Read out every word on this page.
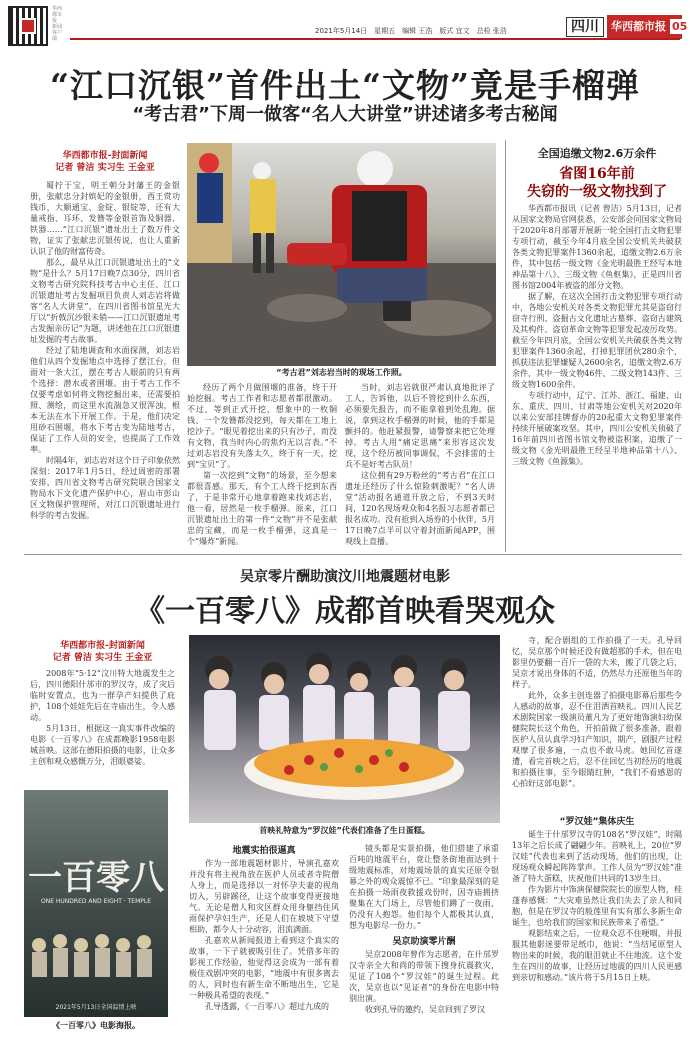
华西都市报 新闻客户端
2021年5月14日　星期五　编辑 王浩　版式 宜文　总检 张浩	四川	华西都市报 05
“江口沉银”首件出土“文物”竟是手榴弹
“考古君”下周一做客“名人大讲堂”讲述诸多考古秘闻
华西都市报-封面新闻
记者 曾洁 实习生 王金亚

蜀拧于宝，明王朝分封藩王的金银册，张献忠分封嫔妃的金银册，西王赏功钱币，大顺通宝、金锭、银锭等，还有大量戒指、耳环、发簪等金银首饰及铜器、铁器……“江口沉银”遗址出土了数万件文物，证实了张献忠沉银传说，也让人重新认识了他的财富传奇。

那么，最早从江口沉银遗址出土的“文物”是什么？5月17日晚7点30分，四川省文物考古研究院科技考古中心主任、江口沉银遗址考古发掘项目负责人刘志岩将做客“名人大讲堂”，在四川省图书馆星光大厅以“折戟沉沙银未销——江口沉银遗址考古发掘亲历记”为题，讲述他在江口沉银遗址发掘的考古故事。

经过了陆地调查和水面探测，刘志岩他们从四个发掘地点中选择了摆江台，但面对一条大江，摆在考古人眼前的只有两个选择：潜水或者围堰。由于考古工作不仅要考虑如何将文物挖掘出来，还需要拍照、测绘，而这里水流湍急又很浑浊，根本无法在水下开展工作。于是，他们决定用砂石围堰，将水下考古变为陆地考古，保证了工作人员的安全，也提高了工作效率。

时隔4年，刘志岩对这个日子印象依然深刻：2017年1月5日，经过周密的部署安排，四川省文物考古研究院联合国家文物局水下文化遗产保护中心，眉山市彭山区文物保护管理所，对江口沉银遗址进行科学的考古发掘。

“考古君”刘志岩当时的现场工作照。

经历了两个月做围堰的准备，终于开始挖掘。考古工作者和志愿者都很激动。不过，等到正式开挖，想象中的一枚铜钱、一个发簪都没挖到，每天都在工地上挖沙子。“眼见着挖出来的只有沙子，而没有文物，我当时内心的焦灼无以言表。”不过刘志岩没有失落太久，终于有一天，挖到“宝贝”了。

第一次挖到“文物”的场景，至今想来都很喜感。那天，有个工人终于挖到东西了，于是非常开心地拿着跑来找刘志岩，他一看，居然是一枚手榴弹。原来，江口沉银遗址出土的第一件“文物”并不是张献忠的宝藏，而是一枚手榴弹，这真是一个“爆炸”新闻。

当时，刘志岩就很严肃认真地批评了工人，告诉他，以后不管挖到什么东西，必须要先报告，而不能拿着到处乱跑。据说，拿到这枚手榴弹的时候，他的手都是颤抖的。他赶紧报警，请警察来把它处理掉。考古人用“痛定思痛”来形容这次发现，这个经历被同事调侃，不会排雷的士兵不是好考古队员！

这位拥有29万粉丝的“考古君”在江口遗址还经历了什么惊险刺激呢？“名人讲堂”活动报名通道开放之后，不到3天时间，120名现场观众和4名报习志愿者都已报名成功。没有抢到入场券的小伙伴，5月17日晚7点半可以守着封面新闻APP，围观线上直播。

全国追缴文物2.6万余件
省图16年前
失窃的一级文物找到了

华西都市报讯（记者 曾洁）5月13日，记者从国家文物局官网获悉，公安部会同国家文物局于2020年8月部署开展新一轮全国打击文物犯罪专项行动，截至今年4月底全国公安机关共破获各类文物犯罪案件1360余起，追缴文物2.6万余件，其中包括一级文物《金光明最胜王经写本地神品第十八》、三级文物《鱼枢集》，正是四川省图书馆2004年被盗的部分文物。

据了解，在这次全国打击文物犯罪专项行动中，各地公安机关对各类文物犯罪尤其是盗窃行窃寺行刑、盗掘古文化遗址古墓葬、盗窃古建筑及其构件、盗窃革命文物等犯罪发起凌厉攻势。截至今年四月底，全国公安机关共破获各类文物犯罪案件1360余起，打掉犯罪团伙280余个，抓获违法犯罪嫌疑人2600余名，追缴文物2.6万余件，其中一级文物46件、二级文物143件、三级文物1600余件。

专项行动中，辽宁、江苏、浙江、福建、山东、重庆、四川、甘肃等地公安机关对2020年以来公安部挂牌督办的20起重大文物犯罪案件持续开展破案攻坚。其中，四川公安机关侦破了16年前四川省图书馆文物被盗积案，追缴了一级文物《金光明最胜王经呈半地神品第十八》、三级文物《鱼源集》。

吴京零片酬助演汶川地震题材电影
《一百零八》成都首映看哭观众
华西都市报-封面新闻
记者 曾洁 实习生 王金亚

2008年“5·12”汶川特大地震发生之后，四川德阳什邡市的罗汉寺，成了灾后临时安置点，也为一群孕产妇提供了庇护，108个娃娃先后在寺庙出生，令人感动。

5月13日，根据这一真实事件改编的电影《一百零八》在成都晚影1958电影城首映。这部在德阳拍摄的电影，让众多主创和观众感慨万分，泪眼婆娑。

一百零八
ONE HUNDRED AND EIGHT · TEMPLE
2021年5月13日全国温情上映
《一百零八》电影海报。
首映礼特意为“罗汉娃”代表们准备了生日蛋糕。
地震实拍很逼真

作为一部地震题材影片，导演孔嘉欢并没有将主视角放在医护人员或者寺院僧人身上，而是选择以一对怀孕夫妻的视角切入，另辟蹊径，让这个故事变得更接地气。无论是僧人和灾区群众用身躯挡住风雨保护孕妇生产，还是人们在坡坡下守望相助，都令人十分动容，泪流满面。

孔嘉欢从新闻报道上看到这个真实的故事，一下子就被吸引住了。凭借多年的影视工作经验，他觉得这会成为一部有着极佳戏剧冲突的电影，“地震中有很多离去的人，同时也有新生命不断地出生，它是一种极具希望的表现。”

孔导透露，《一百零八》超过九成的

镜头都是实景拍摄，他们搭建了承重百吨的地震平台，竟让整条街地面达到十级地震标准，对地震场景的真实还原令银幕之外的观众震惊不已。“印象最深刻的是在拍摄一场雨夜救援戏份时，因寺庙拥挤聚集在大门场上，尽管他们蹲了一夜雨，仍没有人抱怨。他们每个人都极其认真，想为电影尽一份力。”

吴京助演零片酬

吴京2008年曾作为志愿者，在什邡罗汉寺亲全大和尚的带领下搜身抗震救灾，见证了108个“罗汉娃”的诞生过程。此次，吴京也以“见证者”的身份在电影中特别出演。

收到孔导的邀约，吴京回到了罗汉

寺，配合剧组的工作拍摄了一天。孔导回忆，吴京那个时候还没有做超那的手术，但在电影里仍要翻一百斤一袋的大米，搬了几袋之后，吴京才说出身体的不适，仍然尽力还原他当年的样子。

此外，众多主创连器了拍摄电影幕后那些令人感动的故事，忍不住泪洒首映礼。四川人民艺术剧院国家一级演员董凡为了更好地饰演妇幼保健院院长这个角色，开拍前做了很多准备，跟着医护人员认真学习妇产知识，期产，剧服产过程观摩了很多遍，一点也不敢马虎。她回忆首遂遭，看完首映之后，忍不住回忆当初经历的地震和拍摄往事，至今眼睛红肿，“我们不看感恩的心拍好这部电影”。

“罗汉娃”集体庆生

诞生于什邡罗汉寺的108名“罗汉娃”，时隔13年之后长成了翩翩少年。首映礼上，20位“罗汉娃”代表也来到了活动现场，他们的出现，让现场观众瞬起阵阵掌声。工作人员为“罗汉娃”准备了特大蛋糕，庆祝他们共同的13岁生日。

作为影片中饰演保健院院长的原型人物，桂蓬春感慨：“大灾难虽然让我们失去了亲人和同胞，但是在罗汉寺的般莲里有实有那么多新生命诞生，也给我们的国家和民族带来了希望。”

观影结束之后，一位观众忍不住哽咽，并报服其他影迷要带足纸巾，他说：“当结尾原型人物出来的时候，我的眼泪就止不住地流。这个发生在四川的故事，让经历过地震的四川人民更感到亲切和感动。”该片将于5月15日上映。
